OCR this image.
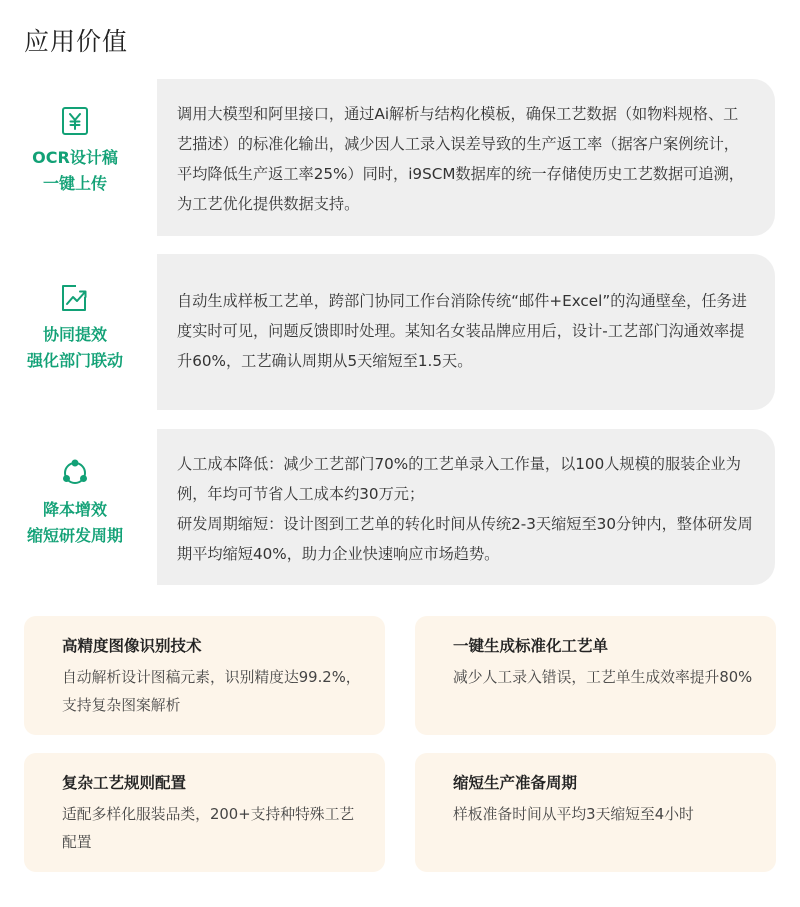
应用价值
OCR设计稿
一键上传

调用大模型和阿里接口，通过Ai解析与结构化模板，确保工艺数据（如物料规格、工艺描述）的标准化输出，减少因人工录入误差导致的生产返工率（据客户案例统计，平均降低生产返工率25%）同时，i9SCM数据库的统一存储使历史工艺数据可追溯，为工艺优化提供数据支持。

协同提效
强化部门联动

自动生成样板工艺单，跨部门协同工作台消除传统“邮件+Excel”的沟通壁垒，任务进度实时可见，问题反馈即时处理。某知名女装品牌应用后，设计-工艺部门沟通效率提升60%，工艺确认周期从5天缩短至1.5天。

降本增效
缩短研发周期

人工成本降低：减少工艺部门70%的工艺单录入工作量，以100人规模的服装企业为例，年均可节省人工成本约30万元；

研发周期缩短：设计图到工艺单的转化时间从传统2-3天缩短至30分钟内，整体研发周期平均缩短40%，助力企业快速响应市场趋势。

高精度图像识别技术
自动解析设计图稿元素，识别精度达99.2%，支持复杂图案解析
一键生成标准化工艺单
减少人工录入错误，工艺单生成效率提升80%
复杂工艺规则配置
适配多样化服装品类，200+支持种特殊工艺配置
缩短生产准备周期
样板准备时间从平均3天缩短至4小时
